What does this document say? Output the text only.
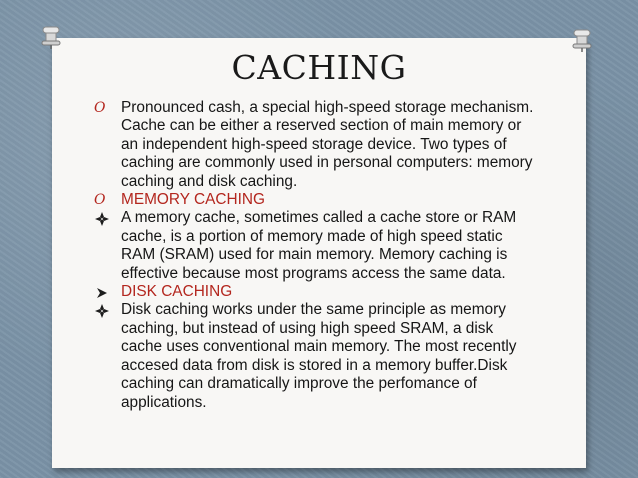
CACHING
O Pronounced cash, a special high-speed storage mechanism. Cache can be either a reserved section of main memory or an independent high-speed storage device. Two types of caching are commonly used in personal computers: memory caching and disk caching.
O MEMORY CACHING
A memory cache, sometimes called a cache store or RAM cache, is a portion of memory made of high speed static RAM (SRAM) used for main memory. Memory caching is effective because most programs access the same data.
DISK CACHING
Disk caching works under the same principle as memory caching, but instead of using high speed SRAM, a disk cache uses conventional main memory. The most recently accesed data from disk is stored in a memory buffer.Disk caching can dramatically improve the perfomance of applications.
